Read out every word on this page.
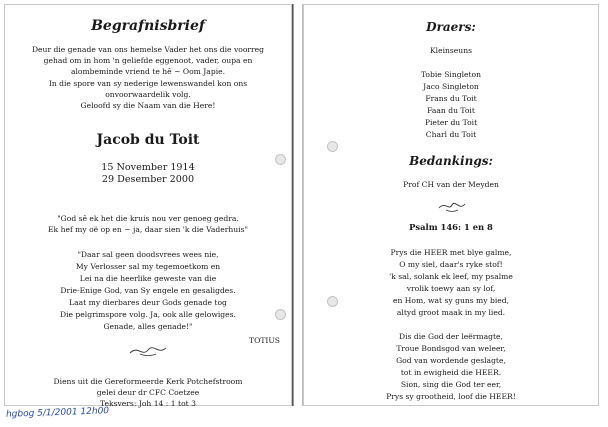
Begrafnisbrief
Deur die genade van ons hemelse Vader het ons die voorreg
gehad om in hom 'n geliefde eggenoot, vader, oupa en
alombeminde vriend te hê ~ Oom Japie.
In die spore van sy nederige lewenswandel kon ons
onvoorwaardelik volg.
Geloofd sy die Naam van die Here!
Jacob du Toit
15 November 1914
29 Desember 2000
"God sê ek het die kruis nou ver genoeg gedra.
Ek hef my oë op en ~ ja, daar sien 'k die Vaderhuis"
"Daar sal geen doodsvrees wees nie,
My Verlosser sal my tegemoetkom en
Lei na die heerlike geweste van die
Drie-Enige God, van Sy engele en gesaligdes.
Laat my dierbares deur Gods genade tog
Die pelgrimspore volg. Ja, ook alle gelowiges.
Genade, alles genade!"
TOTIUS
Diens uit die Gereformeerde Kerk Potchefstroom
gelei deur dr CFC Coetzee
Teksvers: Joh 14 : 1 tot 3
hgbog 5/1/2001 12h00
Draers:
Kleinseuns
Tobie Singleton
Jaco Singleton
Frans du Toit
Faan du Toit
Pieter du Toit
Charl du Toit
Bedankings:
Prof CH van der Meyden
Psalm 146: 1 en 8
Prys die HEER met blye galme,
O my siel, daar's ryke stof!
'k sal, solank ek leef, my psalme
vrolik toewy aan sy lof,
en Hom, wat sy guns my bied,
altyd groot maak in my lied.
Dis die God der leërmagte,
Troue Bondsgod van weleer,
God van wordende geslagte,
tot in ewigheid die HEER.
Sion, sing die God ter eer,
Prys sy grootheid, loof die HEER!
